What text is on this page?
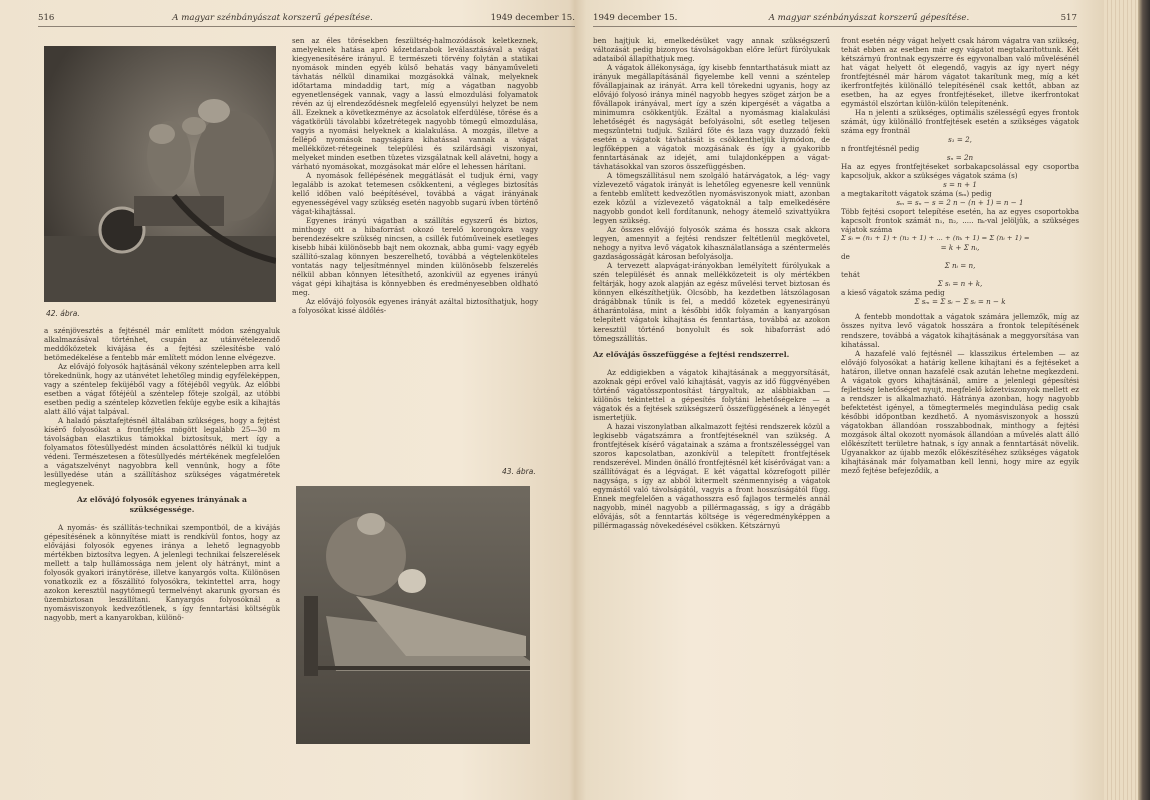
516	A magyar szénbányászat korszerű gépesítése.	1949 december 15.
42. ábra.

a szénjövesztés a fejtésnél már említett módon széngyaluk alkalmazásával történhet, csupán az utánvételezendő meddőközetek kivájása és a fejtési szélesítésbe való betömedékelése a fentebb már említett módon lenne elvégezve.

Az elővájó folyosók hajtásánál vékony széntelepben arra kell törekednünk, hogy az utánvétet lehetőleg mindig egyféleképpen, vagy a széntelep feküjéből vagy a főtéjéből vegyük. Az előbbi esetben a vágat főtéjéül a széntelep főteje szolgál, az utóbbi esetben pedig a széntelep közvetlen feküje egybe esik a kihajtás alatt álló vájat talpával.

A haladó pásztafejtésnél általában szükséges, hogy a fejtést kísérő folyosókat a frontfejtés mögött legalább 25—30 m távolságban elasztikus támokkal biztosítsuk, mert így a folyamatos fötesüllyedést minden ácsolattörés nélkül ki tudjuk védeni. Természetesen a fötesüllyedés mértékének megfelelően a vágatszelvényt nagyobbra kell vennünk, hogy a főte lesüllyedése után a szállításhoz szükséges vágatméretek meglegyenek.

Az elővájó folyosók egyenes irányának a szükségessége.

A nyomás- és szállítás-technikai szempontból, de a kivájás gépesítésének a könnyítése miatt is rendkívül fontos, hogy az elővájási folyosók egyenes iránya a lehető legnagyobb mértékben biztosítva legyen. A jelenlegi technikai felszerelések mellett a talp hullámossága nem jelent oly hátrányt, mint a folyosók gyakori iránytörése, illetve kanyargós volta. Különösen vonatkozik ez a főszállító folyosókra, tekintettel arra, hogy azokon keresztül nagytömegű termelvényt akarunk gyorsan és üzembiztosan leszállítani. Kanyargós folyosóknál a nyomásviszonyok kedvezőtlenek, s így fenntartási költségük nagyobb, mert a kanyarokban, különö-

sen az éles törésekben feszültség-halmozódások keletkeznek, amelyeknek hatása apró kőzetdarabok leválasztásával a vágat kiegyenesítésére irányul. E természeti törvény folytán a statikai nyomások minden egyéb külső behatás vagy bányaműveleti távhatás nélkül dinamikai mozgásokká válnak, melyeknek időtartama mindaddig tart, míg a vágatban nagyobb egyenetlenségek vannak, vagy a lassú elmozdulási folyamatok révén az új elrendeződésnek megfelelő egyensúlyi helyzet be nem áll. Ezeknek a következménye az ácsolatok elferdülése, törése és a vágatkörüli távolabbi kőzetrétegek nagyobb tömegű elmozdulása, vagyis a nyomási helyeknek a kialakulása. A mozgás, illetve a fellépő nyomások nagyságára kihatással vannak a vágat mellékközet-rétegeinek települési és szilárdsági viszonyai, melyeket minden esetben tüzetes vizsgálatnak kell alávetni, hogy a várható nyomásokat, mozgásokat már előre el lehessen hárítani.

A nyomások fellépésének meggátlását el tudjuk érni, vagy legalább is azokat tetemesen csökkenteni, a végleges biztosítás kellő időben való beépítésével, továbbá a vágat irányának egyenességével vagy szükség esetén nagyobb sugarú ívben történő vágat-kihajtással.

Egyenes irányú vágatban a szállítás egyszerű és biztos, minthogy ott a hibaforrást okozó terelő korongokra vagy berendezésekre szükség nincsen, a csillék futóműveinek esetleges kisebb hibái különösebb bajt nem okoznak, abba gumi- vagy egyéb szállító-szalag könnyen beszerelhető, továbbá a végtelenköteles vontatás nagy teljesítménnyel minden különösebb felszerelés nélkül abban könnyen létesíthető, azonkívül az egyenes irányú vágat gépi kihajtása is könnyebben és eredményesebben oldható meg.

Az elővájó folyosók egyenes irányát azáltal biztosíthatjuk, hogy a folyosókat kissé áldőlés-

43. ábra.
1949 december 15.	A magyar szénbányászat korszerű gépesítése.	517

ben hajtjuk ki, emelkedésüket vagy annak szükségszerű változását pedig bizonyos távolságokban előre lefúrt fúrólyukak adataiból állapíthatjuk meg.

A vágatok állékonysága, így kisebb fenntarthatásuk miatt az irányuk megállapításánál figyelembe kell venni a széntelep fővállapjainak az irányát. Arra kell törekedni ugyanis, hogy az elővájó folyosó iránya minél nagyobb hegyes szöget zárjon be a fővállapok irányával, mert így a szén kipergését a vágatba a minimumra csökkentjük. Ezáltal a nyomásmag kialakulási lehetőségét és nagyságát befolyásolni, sőt esetleg teljesen megszüntetni tudjuk. Szilárd főte és laza vagy duzzadó fekü esetén a vágatok távhatását is csökkenthetjük ilymódon, de legfőképpen a vágatok mozgásának és így a gyakoribb fenntartásának az idejét, ami tulajdonképpen a vágat-távhatásokkal van szoros összefüggésben.

A tömegszállításul nem szolgáló határvágatok, a lég- vagy vízlevezető vágatok irányát is lehetőleg egyenesre kell vennünk a fentebb említett kedvezőtlen nyomásviszonyok miatt, azonban ezek közül a vízlevezető vágatoknál a talp emelkedésére nagyobb gondot kell fordítanunk, nehogy átemelő szivattyúkra legyen szükség.

Az összes elővájó folyosók száma és hossza csak akkora legyen, amennyit a fejtési rendszer feltétlenül megkövetel, nehogy a nyitva levő vágatok kihasználatlansága a széntermelés gazdaságosságát károsan befolyásolja.

A tervezett alapvágat-irányokban lemélyített fúrólyukak a szén települését és annak mellékközeteit is oly mértékben feltárják, hogy azok alapján az egész művelési tervet biztosan és könnyen elkészíthetjük. Olcsóbb, ha kezdetben látszólagosan drágábbnak tűnik is fel, a meddő közetek egyenesirányú átharántolása, mint a későbbi idők folyamán a kanyargósan telepített vágatok kihajtása és fenntartása, továbbá az azokon keresztül történő bonyolult és sok hibaforrást adó tömegszállítás.

Az elővájás összefüggése a fejtési rendszerrel.

Az eddigiekben a vágatok kihajtásának a meggyorsítását, azoknak gépi erővel való kihajtását, vagyis az idő függvényében történő vágatösszpontosítást tárgyaltuk, az alábbiakban — különös tekintettel a gépesítés folytáni lehetőségekre — a vágatok és a fejtések szükségszerű összefüggésének a lényegét ismertetjük.

A hazai viszonylatban alkalmazott fejtési rendszerek közül a legkisebb vágatszámra a frontfejtéseknél van szükség. A frontfejtések kísérő vágatainak a száma a frontszélességgel van szoros kapcsolatban, azonkívül a telepített frontfejtések rendszerével. Minden önálló frontfejtésnél két kísérővágat van: a szállítóvágat és a légvágat. E két vágattal közrefogott pillér nagysága, s így az abból kitermelt szénmennyiség a vágatok egymástól való távolságától, vagyis a front hosszúságától függ. Ennek megfelelően a vágathosszra eső fajlagos termelés annál nagyobb, minél nagyobb a pillérmagasság, s így a drágább elővájás, sőt a fenntartás költsége is végeredményképpen a pillérmagasság növekedésével csökken. Kétszárnyú

front esetén négy vágat helyett csak három vágatra van szükség, tehát ebben az esetben már egy vágatot megtakarítottunk. Két kétszárnyú frontnak egyszerre és egyvonalban való művelésénél hat vágat helyett öt elegendő, vagyis az így nyert négy frontfejtésnél már három vágatot takarítunk meg, míg a két ikerfrontfejtés különálló telepítésénél csak kettőt, abban az esetben, ha az egyes frontfejtéseket, illetve ikerfrontokat egymástól elszórtan külön-külön telepítenénk.

Ha n jelenti a szükséges, optimális szélességű egyes frontok számát, úgy különálló frontfejtések esetén a szükséges vágatok száma egy frontnál

s₁ = 2,

n frontfejtésnél pedig

sₙ = 2n

Ha az egyes frontfejtéseket sorbakapcsolással egy csoportba kapcsoljuk, akkor a szükséges vágatok száma (s)

s = n + 1

a megtakarított vágatok száma (sₘ) pedig

sₘ = sₙ − s = 2 n − (n + 1) = n − 1

Több fejtési csoport telepítése esetén, ha az egyes csoportokba kapcsolt frontok számát n₁, n₂, ..... nₖ-val jelöljük, a szükséges vájatok száma

Σ sᵢ = (n₁ + 1) + (n₂ + 1) + ... + (nₖ + 1) = Σ (nᵢ + 1) =

= k + Σ nᵢ,

de

Σ nᵢ = n,

tehát

Σ sᵢ = n + k,

a kieső vágatok száma pedig

Σ sₘ = Σ sᵢ − Σ sᵢ = n − k

A fentebb mondottak a vágatok számára jellemzők, míg az összes nyitva levő vágatok hosszára a frontok telepítésének rendszere, továbbá a vágatok kihajtásának a meggyorsítása van kihatással.

A hazafelé való fejtésnél — klasszikus értelemben — az elővájó folyosókat a határig kellene kihajtani és a fejtéseket a határon, illetve onnan hazafelé csak azután lehetne megkezdeni. A vágatok gyors kihajtásánál, amire a jelenlegi gépesítési fejlettség lehetőséget nyujt, megfelelő kőzetviszonyok mellett ez a rendszer is alkalmazható. Hátránya azonban, hogy nagyobb befektetést igényel, a tömegtermelés megindulása pedig csak későbbi időpontban kezdhető. A nyomásviszonyok a hosszú vágatokban állandóan rosszabbodnak, minthogy a fejtési mozgások által okozott nyomások állandóan a művelés alatt álló előkészített területre hatnak, s így annak a fenntartását növelik. Ugyanakkor az újabb mezők előkészítéséhez szükséges vágatok kihajtásának már folyamatban kell lenni, hogy mire az egyik mező fejtése befejeződik, a
